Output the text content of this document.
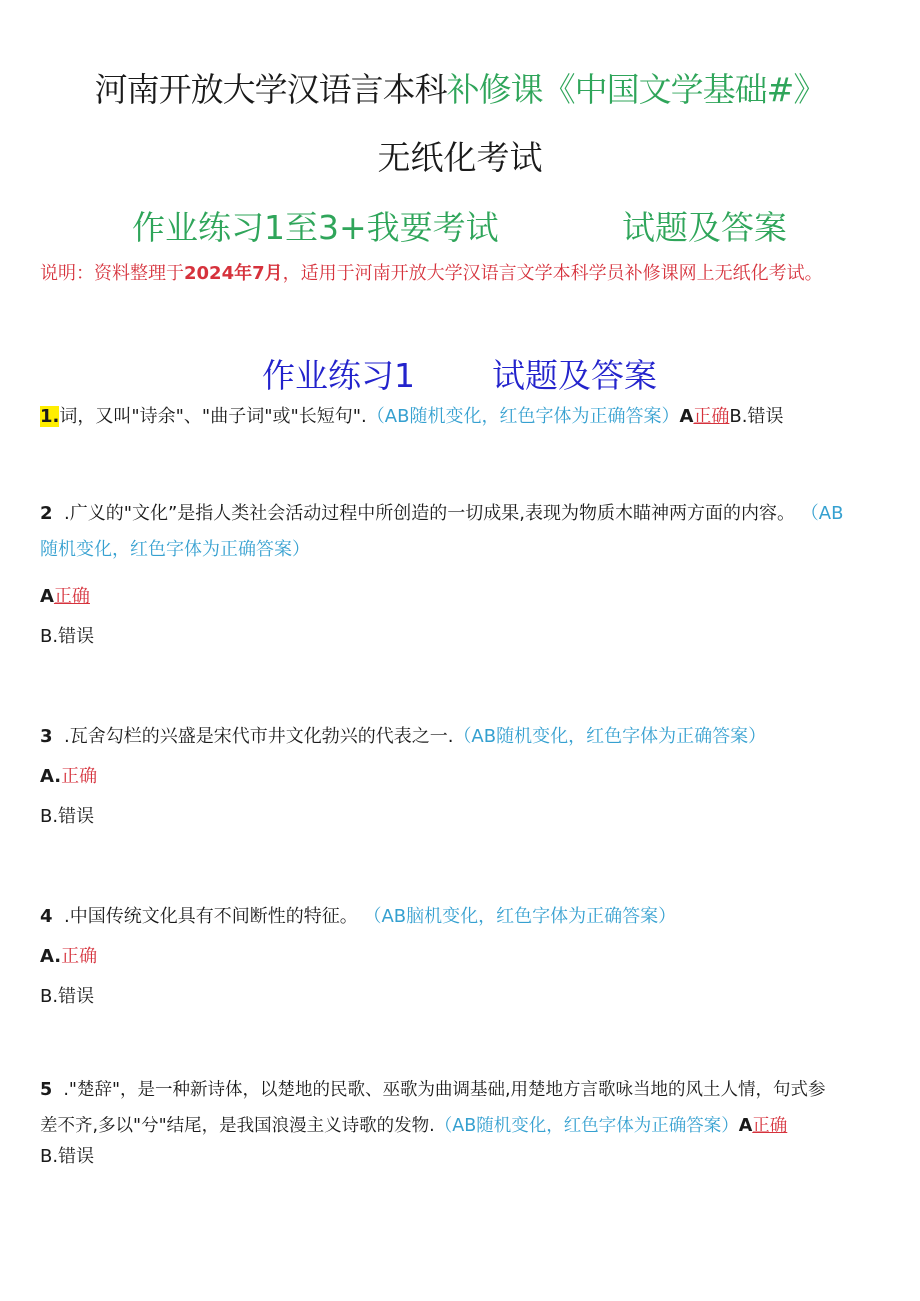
河南开放大学汉语言本科补修课《中国文学基础#》
无纸化考试
作业练习1至3+我要考试	试题及答案
说明：资料整理于2024年7月，适用于河南开放大学汉语言文学本科学员补修课网上无纸化考试。
作业练习1 试题及答案
1.词，又叫"诗余"、"曲子词"或"长短句".（AB随机变化，红色字体为正确答案）A正确B.错误
2 .广义的"文化”是指人类社会活动过程中所创造的一切成果,表现为物质木瞄神两方面的内容。 （AB
随机变化，红色字体为正确答案）
A正确
B.错误
3 .瓦舍勾栏的兴盛是宋代市井文化勃兴的代表之一.（AB随机变化，红色字体为正确答案）
A.正确
B.错误
4 .中国传统文化具有不间断性的特征。 （AB脑机变化，红色字体为正确答案）
A.正确
B.错误
5 ."楚辞"，是一种新诗体，以楚地的民歌、巫歌为曲调基础,用楚地方言歌咏当地的风土人情，句式参
差不齐,多以"兮"结尾，是我国浪漫主义诗歌的发物.（AB随机变化，红色字体为正确答案）A正确
B.错误
